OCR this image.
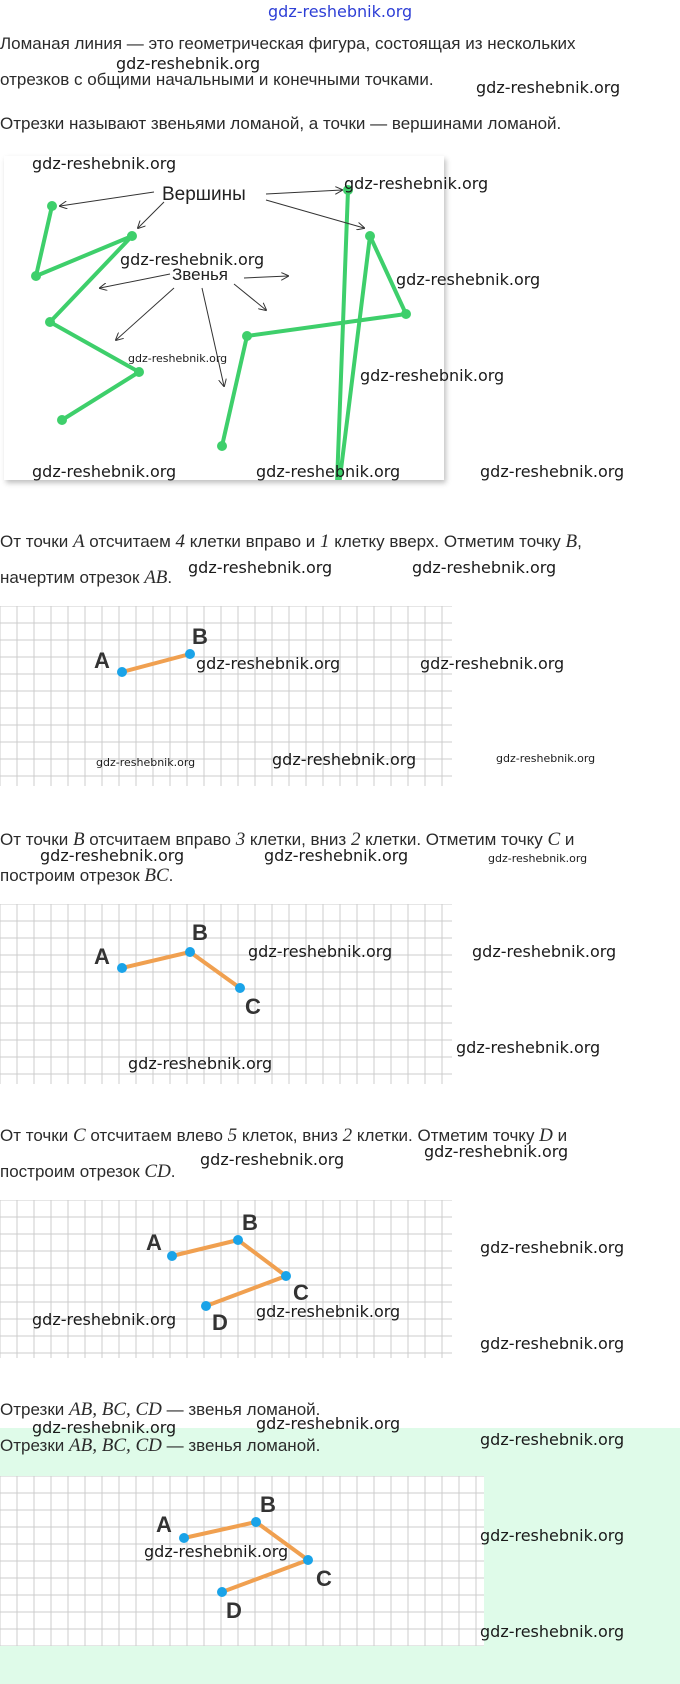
gdz-reshebnik.org
Ломаная линия — это геометрическая фигура, состоящая из нескольких
отрезков с общими начальными и конечными точками.
Отрезки называют звеньями ломаной, а точки — вершинами ломаной.
Вершины
Звенья
От точки A отсчитаем 4 клетки вправо и 1 клетку вверх. Отметим точку B,
начертим отрезок AB.
A
B
От точки B отсчитаем вправо 3 клетки, вниз 2 клетки. Отметим точку C и
построим отрезок BC.
A
B
C
От точки C отсчитаем влево 5 клеток, вниз 2 клетки. Отметим точку D и
построим отрезок CD.
A
B
C
D
Отрезки AB, BC, CD — звенья ломаной.
Отрезки AB, BC, CD — звенья ломаной.
A
B
C
D
gdz-reshebnik.org
gdz-reshebnik.org
gdz-reshebnik.org
gdz-reshebnik.org
gdz-reshebnik.org
gdz-reshebnik.org
gdz-reshebnik.org
gdz-reshebnik.org
gdz-reshebnik.org	gdz-reshebnik.org	gdz-reshebnik.org
gdz-reshebnik.org	gdz-reshebnik.org
gdz-reshebnik.org	gdz-reshebnik.org
gdz-reshebnik.org	gdz-reshebnik.org	gdz-reshebnik.org
gdz-reshebnik.org	gdz-reshebnik.org	gdz-reshebnik.org
gdz-reshebnik.org	gdz-reshebnik.org
gdz-reshebnik.org
gdz-reshebnik.org
gdz-reshebnik.org	gdz-reshebnik.org
gdz-reshebnik.org
gdz-reshebnik.org	gdz-reshebnik.org
gdz-reshebnik.org
gdz-reshebnik.org	gdz-reshebnik.org
gdz-reshebnik.org
gdz-reshebnik.org
gdz-reshebnik.org
gdz-reshebnik.org
